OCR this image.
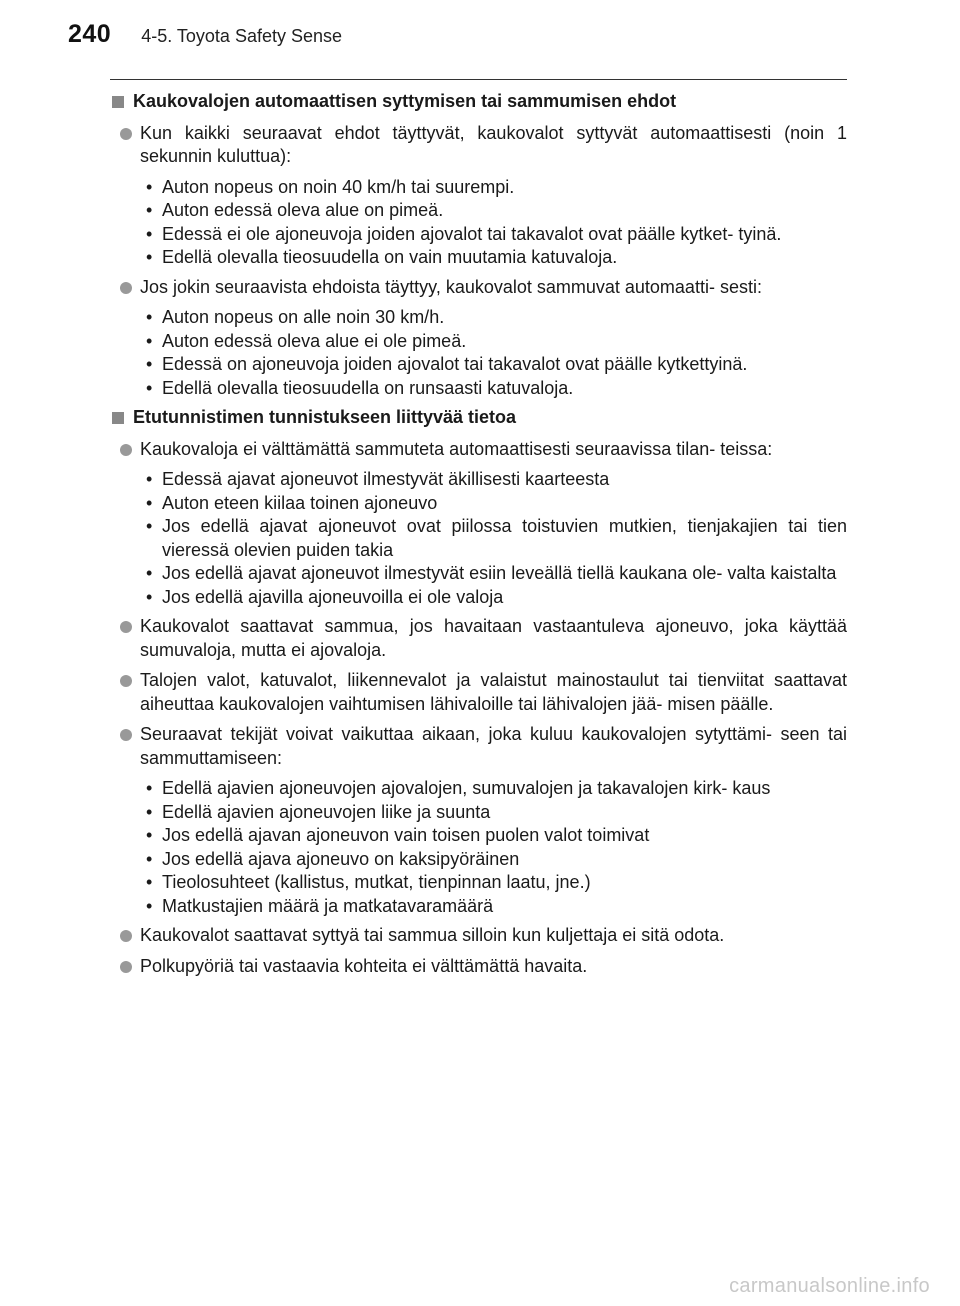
240 4-5. Toyota Safety Sense
Kaukovalojen automaattisen syttymisen tai sammumisen ehdot
Kun kaikki seuraavat ehdot täyttyvät, kaukovalot syttyvät automaattisesti (noin 1 sekunnin kuluttua):
• Auton nopeus on noin 40 km/h tai suurempi.
• Auton edessä oleva alue on pimeä.
• Edessä ei ole ajoneuvoja joiden ajovalot tai takavalot ovat päälle kytket- tyinä.
• Edellä olevalla tieosuudella on vain muutamia katuvaloja.
Jos jokin seuraavista ehdoista täyttyy, kaukovalot sammuvat automaatti- sesti:
• Auton nopeus on alle noin 30 km/h.
• Auton edessä oleva alue ei ole pimeä.
• Edessä on ajoneuvoja joiden ajovalot tai takavalot ovat päälle kytkettyinä.
• Edellä olevalla tieosuudella on runsaasti katuvaloja.
Etutunnistimen tunnistukseen liittyvää tietoa
Kaukovaloja ei välttämättä sammuteta automaattisesti seuraavissa tilan- teissa:
• Edessä ajavat ajoneuvot ilmestyvät äkillisesti kaarteesta
• Auton eteen kiilaa toinen ajoneuvo
• Jos edellä ajavat ajoneuvot ovat piilossa toistuvien mutkien, tienjakajien tai tien vieressä olevien puiden takia
• Jos edellä ajavat ajoneuvot ilmestyvät esiin leveällä tiellä kaukana ole- valta kaistalta
• Jos edellä ajavilla ajoneuvoilla ei ole valoja
Kaukovalot saattavat sammua, jos havaitaan vastaantuleva ajoneuvo, joka käyttää sumuvaloja, mutta ei ajovaloja.
Talojen valot, katuvalot, liikennevalot ja valaistut mainostaulut tai tienviitat saattavat aiheuttaa kaukovalojen vaihtumisen lähivaloille tai lähivalojen jää- misen päälle.
Seuraavat tekijät voivat vaikuttaa aikaan, joka kuluu kaukovalojen sytyttämi- seen tai sammuttamiseen:
• Edellä ajavien ajoneuvojen ajovalojen, sumuvalojen ja takavalojen kirk- kaus
• Edellä ajavien ajoneuvojen liike ja suunta
• Jos edellä ajavan ajoneuvon vain toisen puolen valot toimivat
• Jos edellä ajava ajoneuvo on kaksipyöräinen
• Tieolosuhteet (kallistus, mutkat, tienpinnan laatu, jne.)
• Matkustajien määrä ja matkatavaramäärä
Kaukovalot saattavat syttyä tai sammua silloin kun kuljettaja ei sitä odota.
Polkupyöriä tai vastaavia kohteita ei välttämättä havaita.
carmanualsonline.info
